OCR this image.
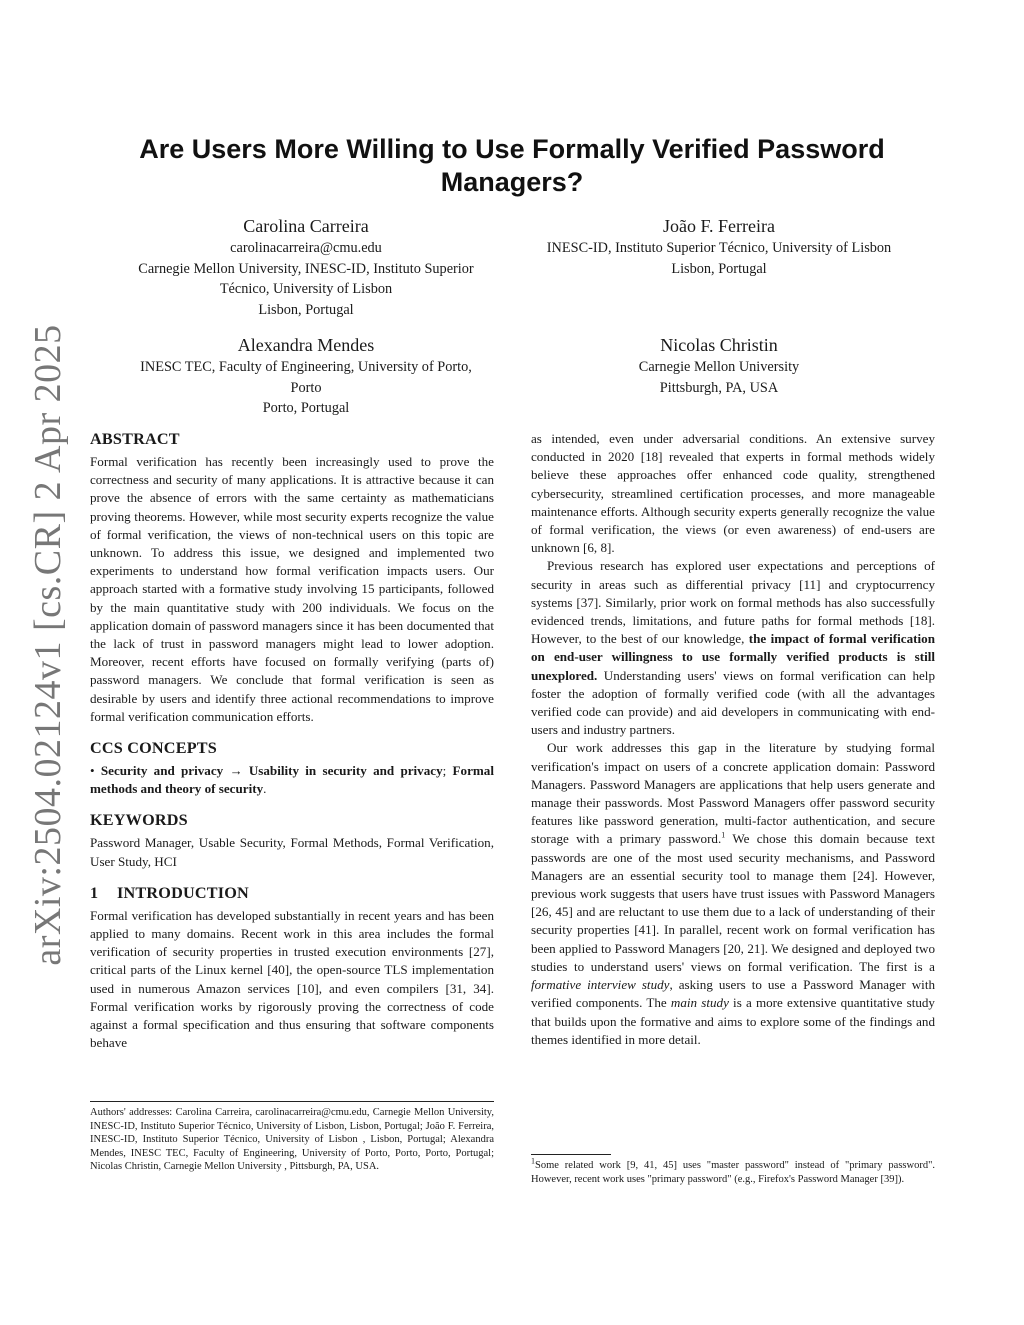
arXiv:2504.02124v1 [cs.CR] 2 Apr 2025
Are Users More Willing to Use Formally Verified Password Managers?
Carolina Carreira
carolinacarreira@cmu.edu
Carnegie Mellon University, INESC-ID, Instituto Superior
Técnico, University of Lisbon
Lisbon, Portugal
João F. Ferreira
INESC-ID, Instituto Superior Técnico, University of Lisbon
Lisbon, Portugal
Alexandra Mendes
INESC TEC, Faculty of Engineering, University of Porto,
Porto
Porto, Portugal
Nicolas Christin
Carnegie Mellon University
Pittsburgh, PA, USA
ABSTRACT

Formal verification has recently been increasingly used to prove the correctness and security of many applications. It is attractive because it can prove the absence of errors with the same certainty as mathematicians proving theorems. However, while most security experts recognize the value of formal verification, the views of non-technical users on this topic are unknown. To address this issue, we designed and implemented two experiments to understand how formal verification impacts users. Our approach started with a formative study involving 15 participants, followed by the main quantitative study with 200 individuals. We focus on the application domain of password managers since it has been documented that the lack of trust in password managers might lead to lower adoption. Moreover, recent efforts have focused on formally verifying (parts of) password managers. We conclude that formal verification is seen as desirable by users and identify three actional recommendations to improve formal verification communication efforts.

CCS CONCEPTS

• Security and privacy → Usability in security and privacy; Formal methods and theory of security.

KEYWORDS

Password Manager, Usable Security, Formal Methods, Formal Verification, User Study, HCI

1 INTRODUCTION

Formal verification has developed substantially in recent years and has been applied to many domains. Recent work in this area includes the formal verification of security properties in trusted execution environments [27], critical parts of the Linux kernel [40], the open-source TLS implementation used in numerous Amazon services [10], and even compilers [31, 34]. Formal verification works by rigorously proving the correctness of code against a formal specification and thus ensuring that software components behave

Authors' addresses: Carolina Carreira, carolinacarreira@cmu.edu, Carnegie Mellon University, INESC-ID, Instituto Superior Técnico, University of Lisbon, Lisbon, Portugal; João F. Ferreira, INESC-ID, Instituto Superior Técnico, University of Lisbon , Lisbon, Portugal; Alexandra Mendes, INESC TEC, Faculty of Engineering, University of Porto, Porto, Porto, Portugal; Nicolas Christin, Carnegie Mellon University , Pittsburgh, PA, USA.

as intended, even under adversarial conditions. An extensive survey conducted in 2020 [18] revealed that experts in formal methods widely believe these approaches offer enhanced code quality, strengthened cybersecurity, streamlined certification processes, and more manageable maintenance efforts. Although security experts generally recognize the value of formal verification, the views (or even awareness) of end-users are unknown [6, 8].

Previous research has explored user expectations and perceptions of security in areas such as differential privacy [11] and cryptocurrency systems [37]. Similarly, prior work on formal methods has also successfully evidenced trends, limitations, and future paths for formal methods [18]. However, to the best of our knowledge, the impact of formal verification on end-user willingness to use formally verified products is still unexplored. Understanding users' views on formal verification can help foster the adoption of formally verified code (with all the advantages verified code can provide) and aid developers in communicating with end-users and industry partners.

Our work addresses this gap in the literature by studying formal verification's impact on users of a concrete application domain: Password Managers. Password Managers are applications that help users generate and manage their passwords. Most Password Managers offer password security features like password generation, multi-factor authentication, and secure storage with a primary password.$^1$ We chose this domain because text passwords are one of the most used security mechanisms, and Password Managers are an essential security tool to manage them [24]. However, previous work suggests that users have trust issues with Password Managers [26, 45] and are reluctant to use them due to a lack of understanding of their security properties [41]. In parallel, recent work on formal verification has been applied to Password Managers [20, 21]. We designed and deployed two studies to understand users' views on formal verification. The first is a formative interview study, asking users to use a Password Manager with verified components. The main study is a more extensive quantitative study that builds upon the formative and aims to explore some of the findings and themes identified in more detail.

$^1$Some related work [9, 41, 45] uses "master password" instead of "primary password". However, recent work uses "primary password" (e.g., Firefox's Password Manager [39]).
